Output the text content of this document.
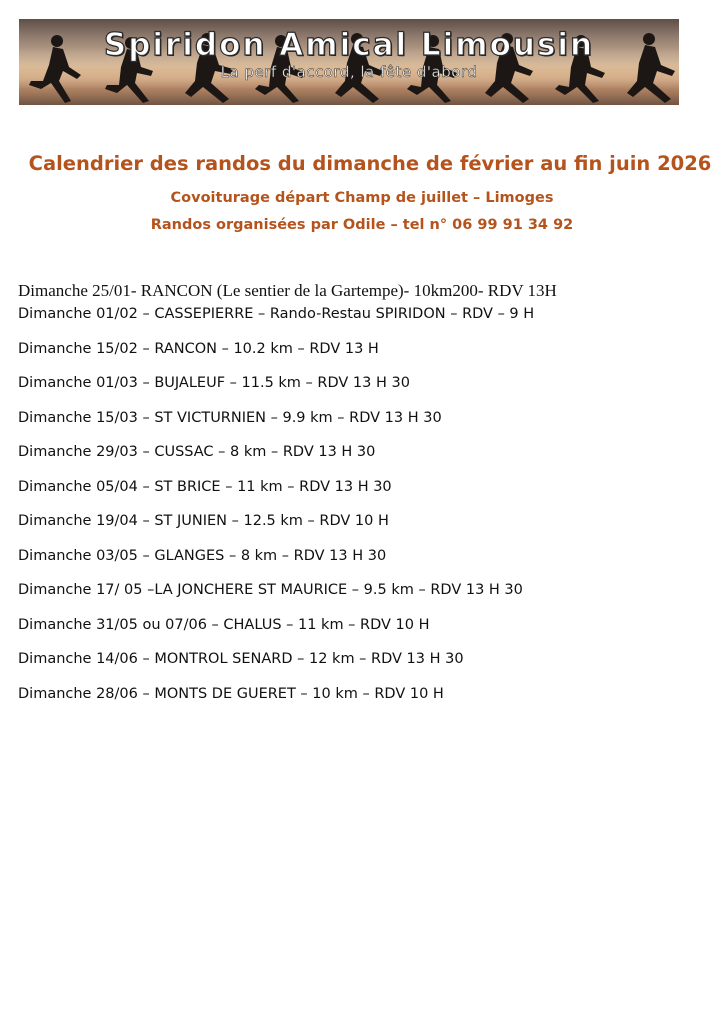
Spiridon Amical Limousin
La perf d'accord, la fête d'abord
Calendrier des randos du dimanche de février au fin juin 2026
Covoiturage départ Champ de juillet – Limoges
Randos organisées par Odile – tel n° 06 99 91 34 92
Dimanche 25/01- RANCON (Le sentier de la Gartempe)- 10km200- RDV 13H
Dimanche 01/02 – CASSEPIERRE – Rando-Restau SPIRIDON – RDV – 9 H
Dimanche 15/02 – RANCON – 10.2 km – RDV 13 H
Dimanche 01/03 – BUJALEUF – 11.5 km – RDV 13 H 30
Dimanche 15/03 – ST VICTURNIEN – 9.9 km – RDV 13 H 30
Dimanche 29/03 – CUSSAC – 8 km – RDV 13 H 30
Dimanche 05/04 – ST BRICE – 11 km – RDV 13 H 30
Dimanche 19/04 – ST JUNIEN – 12.5 km – RDV 10 H
Dimanche 03/05 – GLANGES – 8 km – RDV 13 H 30
Dimanche 17/ 05 –LA JONCHERE ST MAURICE – 9.5 km – RDV 13 H 30
Dimanche 31/05 ou 07/06 – CHALUS – 11 km – RDV 10 H
Dimanche 14/06 – MONTROL SENARD – 12 km – RDV 13 H 30
Dimanche 28/06 – MONTS DE GUERET – 10 km – RDV 10 H
